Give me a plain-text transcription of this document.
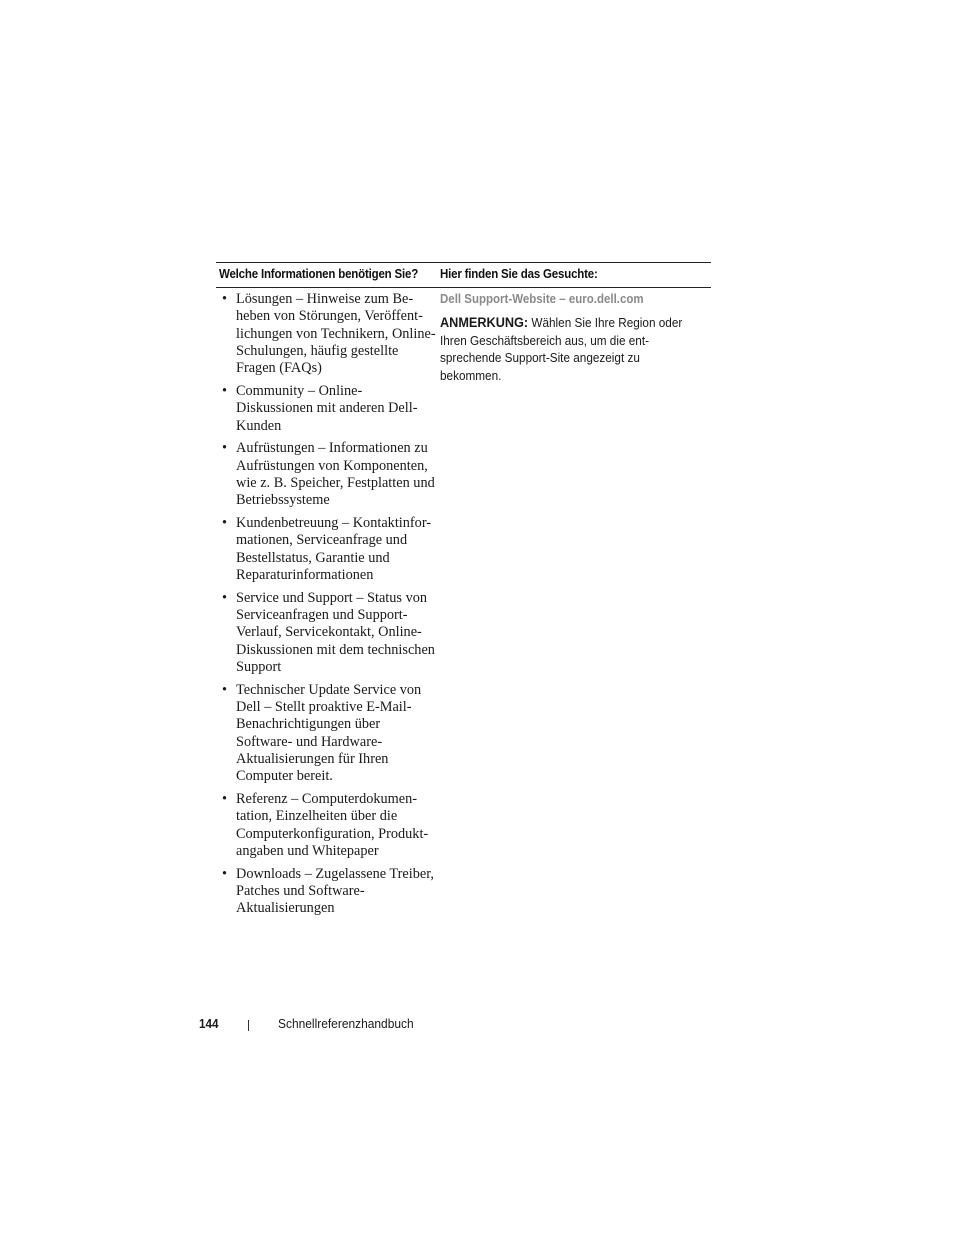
Welche Informationen benötigen Sie? Hier finden Sie das Gesuchte:
• Lösungen – Hinweise zum Be-
heben von Störungen, Veröffent-
lichungen von Technikern, Online-
Schulungen, häufig gestellte
Fragen (FAQs)
• Community – Online-
Diskussionen mit anderen Dell-
Kunden
• Aufrüstungen – Informationen zu
Aufrüstungen von Komponenten,
wie z. B. Speicher, Festplatten und
Betriebssysteme
• Kundenbetreuung – Kontaktinfor-
mationen, Serviceanfrage und
Bestellstatus, Garantie und
Reparaturinformationen
• Service und Support – Status von
Serviceanfragen und Support-
Verlauf, Servicekontakt, Online-
Diskussionen mit dem technischen
Support
• Technischer Update Service von
Dell – Stellt proaktive E-Mail-
Benachrichtigungen über
Software- und Hardware-
Aktualisierungen für Ihren
Computer bereit.
• Referenz – Computerdokumen-
tation, Einzelheiten über die
Computerkonfiguration, Produkt-
angaben und Whitepaper
• Downloads – Zugelassene Treiber,
Patches und Software-
Aktualisierungen
Dell Support-Website – euro.dell.com
ANMERKUNG: Wählen Sie Ihre Region oder
Ihren Geschäftsbereich aus, um die ent-
sprechende Support-Site angezeigt zu
bekommen.
144	Schnellreferenzhandbuch
